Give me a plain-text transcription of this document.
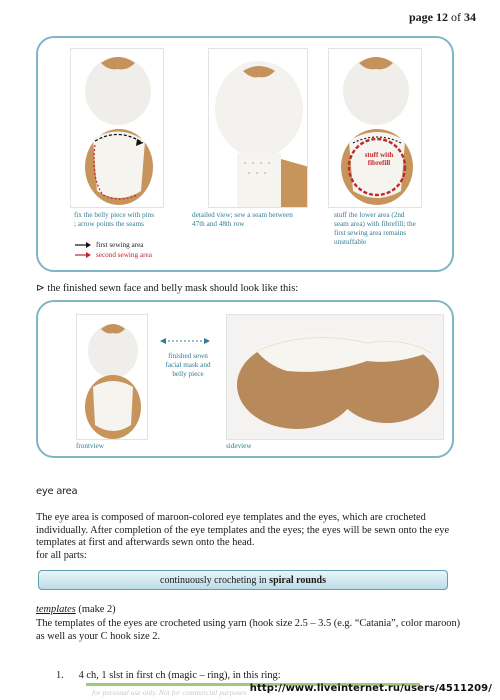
page 12 of 34
fix the belly piece with pins
; arrow points the seams
first sewing area
second sewing area
detailed view; sew a seam between
47th and 48th row
stuff with
fibrefill
stuff the lower area (2nd
seam area) with fibrefill; the
first sewing area remains
unstuffable
⊳ the finished sewn face and belly mask should look like this:
frontview
finished sewn
facial mask and
belly piece
sideview
eye area
The eye area is composed of maroon-colored eye templates and the eyes, which are crocheted
individually. After completion of the eye templates and the eyes; the eyes will be sewn onto the eye
templates at first and afterwards sewn onto the head.
for all parts:
continuously crocheting in spiral rounds
templates (make 2)
The templates of the eyes are crocheted using yarn (hook size 2.5 – 3.5 (e.g. “Catania”, color maroon)
as well as your C hook size 2.
1. 4 ch, 1 slst in first ch (magic – ring), in this ring:
for personal use only. Not for commercial purposes http://www.liveinternet.ru/users/4511209/
